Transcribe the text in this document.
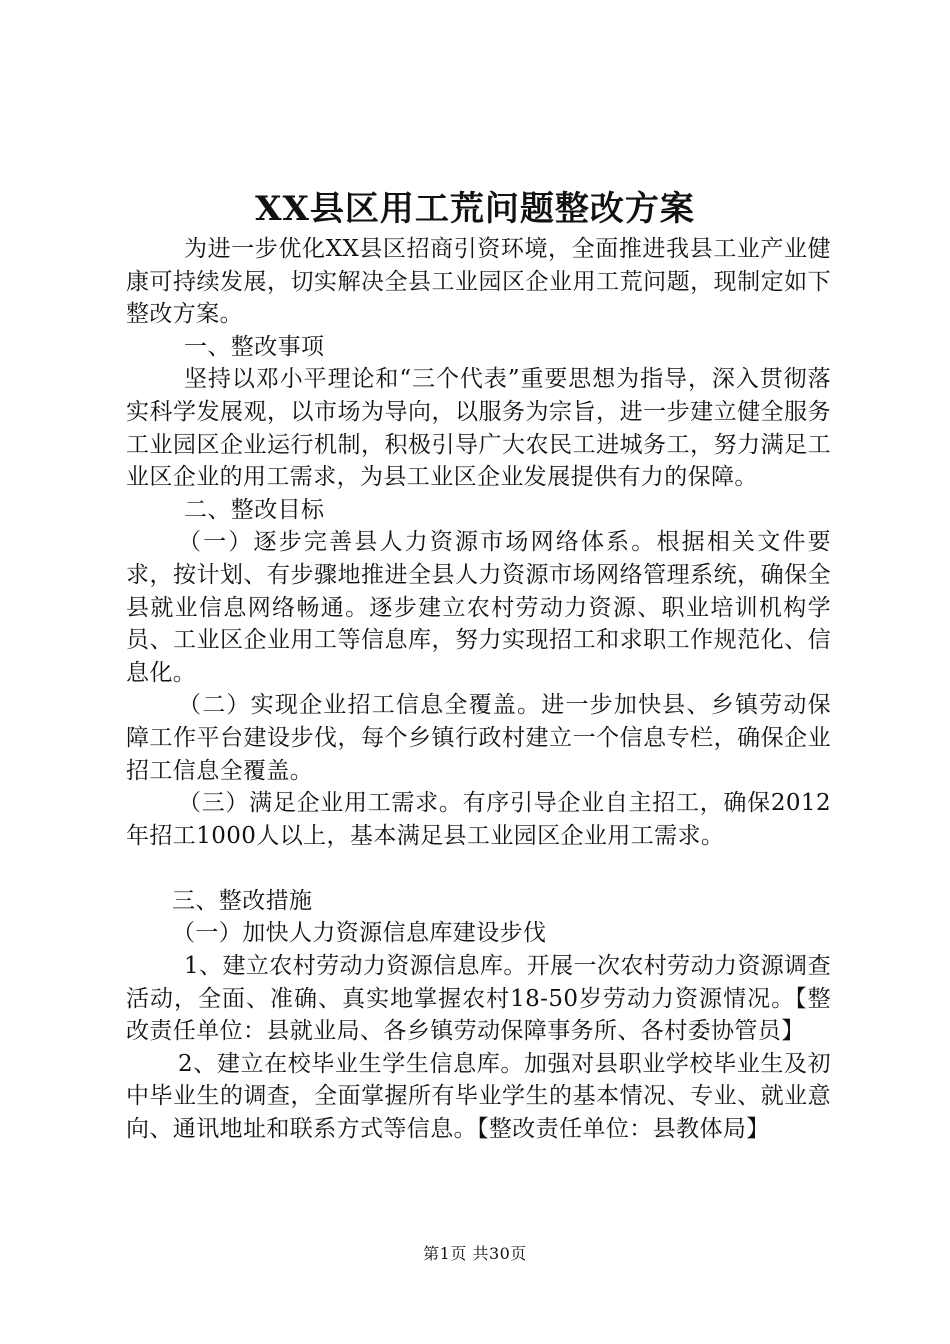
XX县区用工荒问题整改方案

为进一步优化XX县区招商引资环境，全面推进我县工业产业健康可持续发展，切实解决全县工业园区企业用工荒问题，现制定如下整改方案。

一、整改事项

坚持以邓小平理论和“三个代表”重要思想为指导，深入贯彻落实科学发展观，以市场为导向，以服务为宗旨，进一步建立健全服务工业园区企业运行机制，积极引导广大农民工进城务工，努力满足工业区企业的用工需求，为县工业区企业发展提供有力的保障。

二、整改目标

（一）逐步完善县人力资源市场网络体系。根据相关文件要求，按计划、有步骤地推进全县人力资源市场网络管理系统，确保全县就业信息网络畅通。逐步建立农村劳动力资源、职业培训机构学员、工业区企业用工等信息库，努力实现招工和求职工作规范化、信息化。

（二）实现企业招工信息全覆盖。进一步加快县、乡镇劳动保障工作平台建设步伐，每个乡镇行政村建立一个信息专栏，确保企业招工信息全覆盖。

（三）满足企业用工需求。有序引导企业自主招工，确保2012年招工1000人以上，基本满足县工业园区企业用工需求。

三、整改措施

（一）加快人力资源信息库建设步伐

1、建立农村劳动力资源信息库。开展一次农村劳动力资源调查活动，全面、准确、真实地掌握农村18-50岁劳动力资源情况。【整改责任单位：县就业局、各乡镇劳动保障事务所、各村委协管员】

2、建立在校毕业生学生信息库。加强对县职业学校毕业生及初中毕业生的调查，全面掌握所有毕业学生的基本情况、专业、就业意向、通讯地址和联系方式等信息。【整改责任单位：县教体局】

第1页 共30页
